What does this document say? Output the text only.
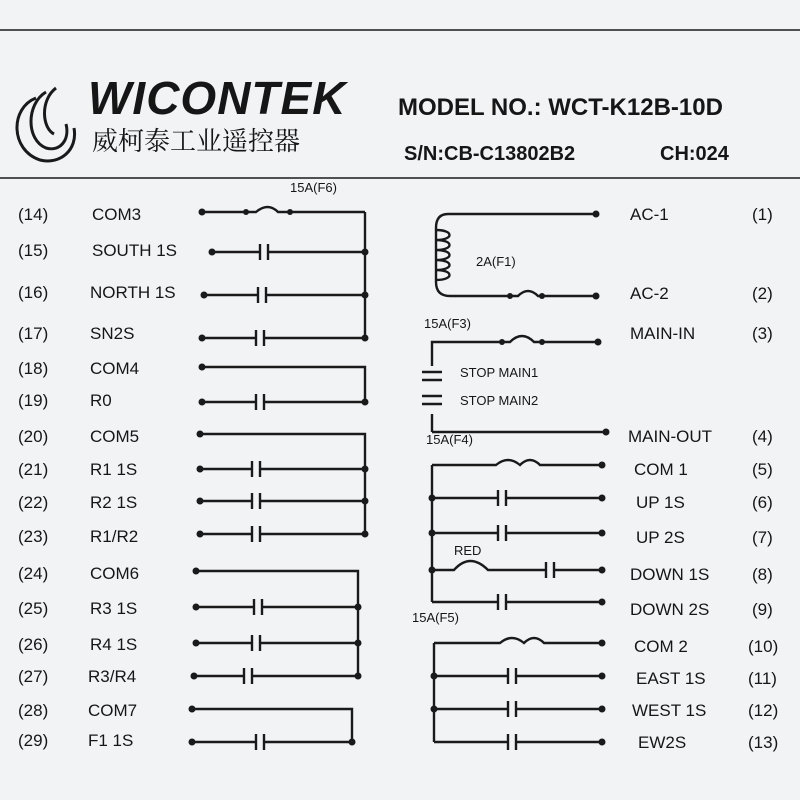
WICONTEK
威柯泰工业遥控器
MODEL NO.: WCT-K12B-10D
S/N:CB-C13802B2	CH:024
(14)	COM3
(15)	SOUTH 1S
(16) NORTH 1S
(17) SN2S
(18) COM4
(19) R0
(20) COM5
(21) R1 1S
(22) R2 1S
(23) R1/R2
(24) COM6
(25) R3 1S
(26) R4 1S
(27) R3/R4
(28) COM7
(29) F1 1S
AC-1	(1)
AC-2	(2)
MAIN-IN	(3)
MAIN-OUT (4)
COM 1	(5)
UP 1S	(6)
UP 2S	(7)
DOWN 1S	(8)
DOWN 2S	(9)
COM 2	(10)
EAST 1S (11)
WEST 1S (12)
EW2S	(13)
15A(F6)
2A(F1)
15A(F3)
STOP MAIN1
STOP MAIN2
15A(F4)
RED
15A(F5)
